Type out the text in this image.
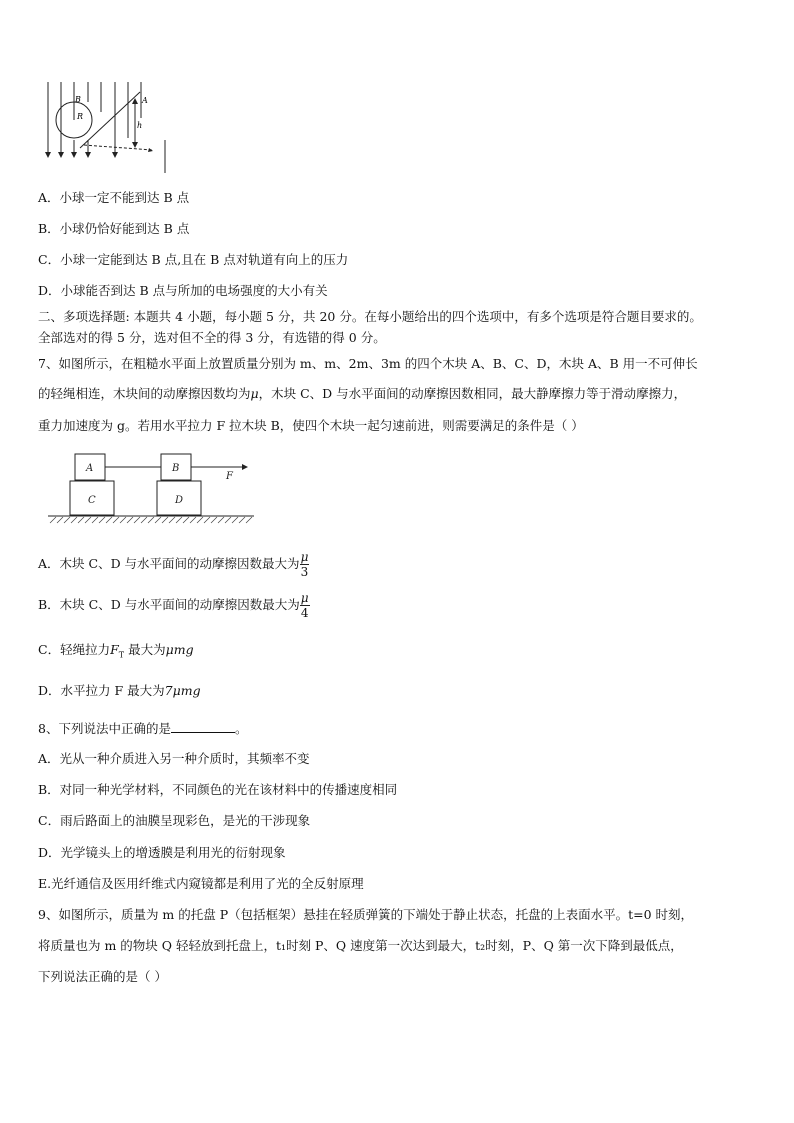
B
R
A
h
A．小球一定不能到达 B 点
B．小球仍恰好能到达 B 点
C．小球一定能到达 B 点,且在 B 点对轨道有向上的压力
D．小球能否到达 B 点与所加的电场强度的大小有关
二、多项选择题: 本题共 4 小题，每小题 5 分，共 20 分。在每小题给出的四个选项中，有多个选项是符合题目要求的。
全部选对的得 5 分，选对但不全的得 3 分，有选错的得 0 分。
7、如图所示，在粗糙水平面上放置质量分别为 m、m、2m、3m 的四个木块 A、B、C、D，木块 A、B 用一不可伸长
的轻绳相连，木块间的动摩擦因数均为μ，木块 C、D 与水平面间的动摩擦因数相同，最大静摩擦力等于滑动摩擦力，
重力加速度为 g。若用水平拉力 F 拉木块 B，使四个木块一起匀速前进，则需要满足的条件是（ ）
A
C
B
D
F
A．木块 C、D 与水平面间的动摩擦因数最大为 $\frac{\mu}{3}$
B．木块 C、D 与水平面间的动摩擦因数最大为 $\frac{\mu}{4}$
C．轻绳拉力$F_T$ 最大为μmg
D．水平拉力 F 最大为7μmg
8、下列说法中正确的是	。
A．光从一种介质进入另一种介质时，其频率不变
B．对同一种光学材料，不同颜色的光在该材料中的传播速度相同
C．雨后路面上的油膜呈现彩色，是光的干涉现象
D．光学镜头上的增透膜是利用光的衍射现象
E.光纤通信及医用纤维式内窥镜都是利用了光的全反射原理
9、如图所示，质量为 m 的托盘 P（包括框架）悬挂在轻质弹簧的下端处于静止状态，托盘的上表面水平。t=0 时刻，
将质量也为 m 的物块 Q 轻轻放到托盘上，t₁时刻 P、Q 速度第一次达到最大，t₂时刻，P、Q 第一次下降到最低点，
下列说法正确的是（ ）
